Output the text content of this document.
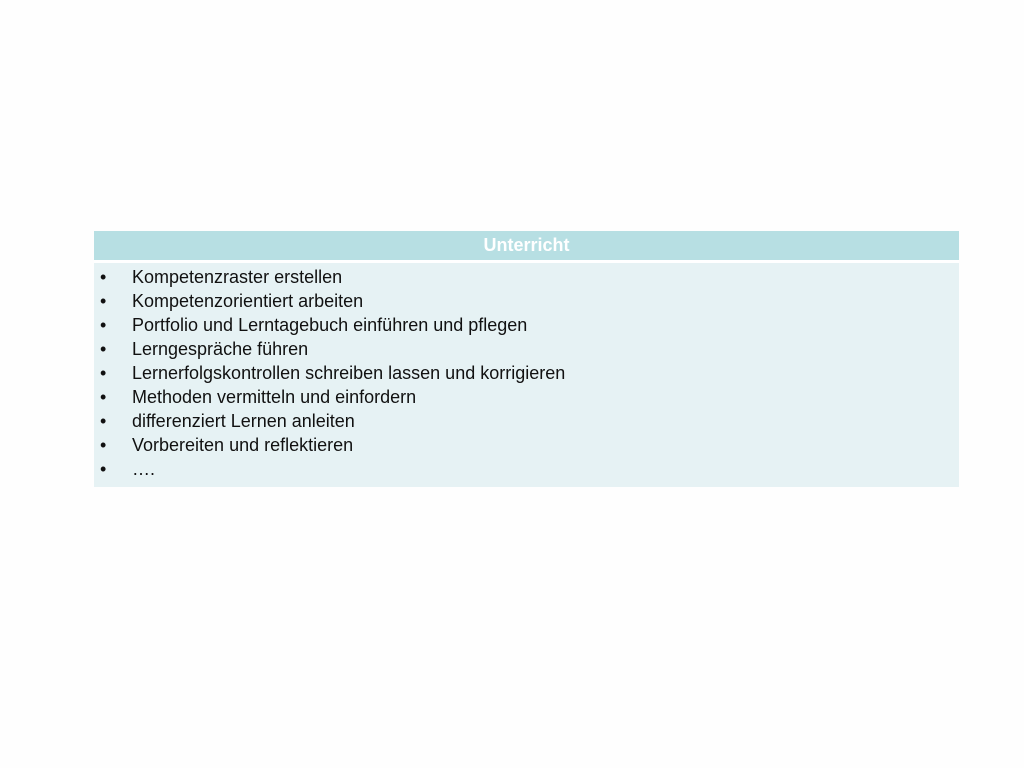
Unterricht
•	Kompetenzraster erstellen
•	Kompetenzorientiert arbeiten
•	Portfolio und Lerntagebuch einführen und pflegen
•	Lerngespräche führen
•	Lernerfolgskontrollen schreiben lassen und korrigieren
•	Methoden vermitteln und einfordern
•	differenziert Lernen anleiten
•	Vorbereiten und reflektieren
•	….
